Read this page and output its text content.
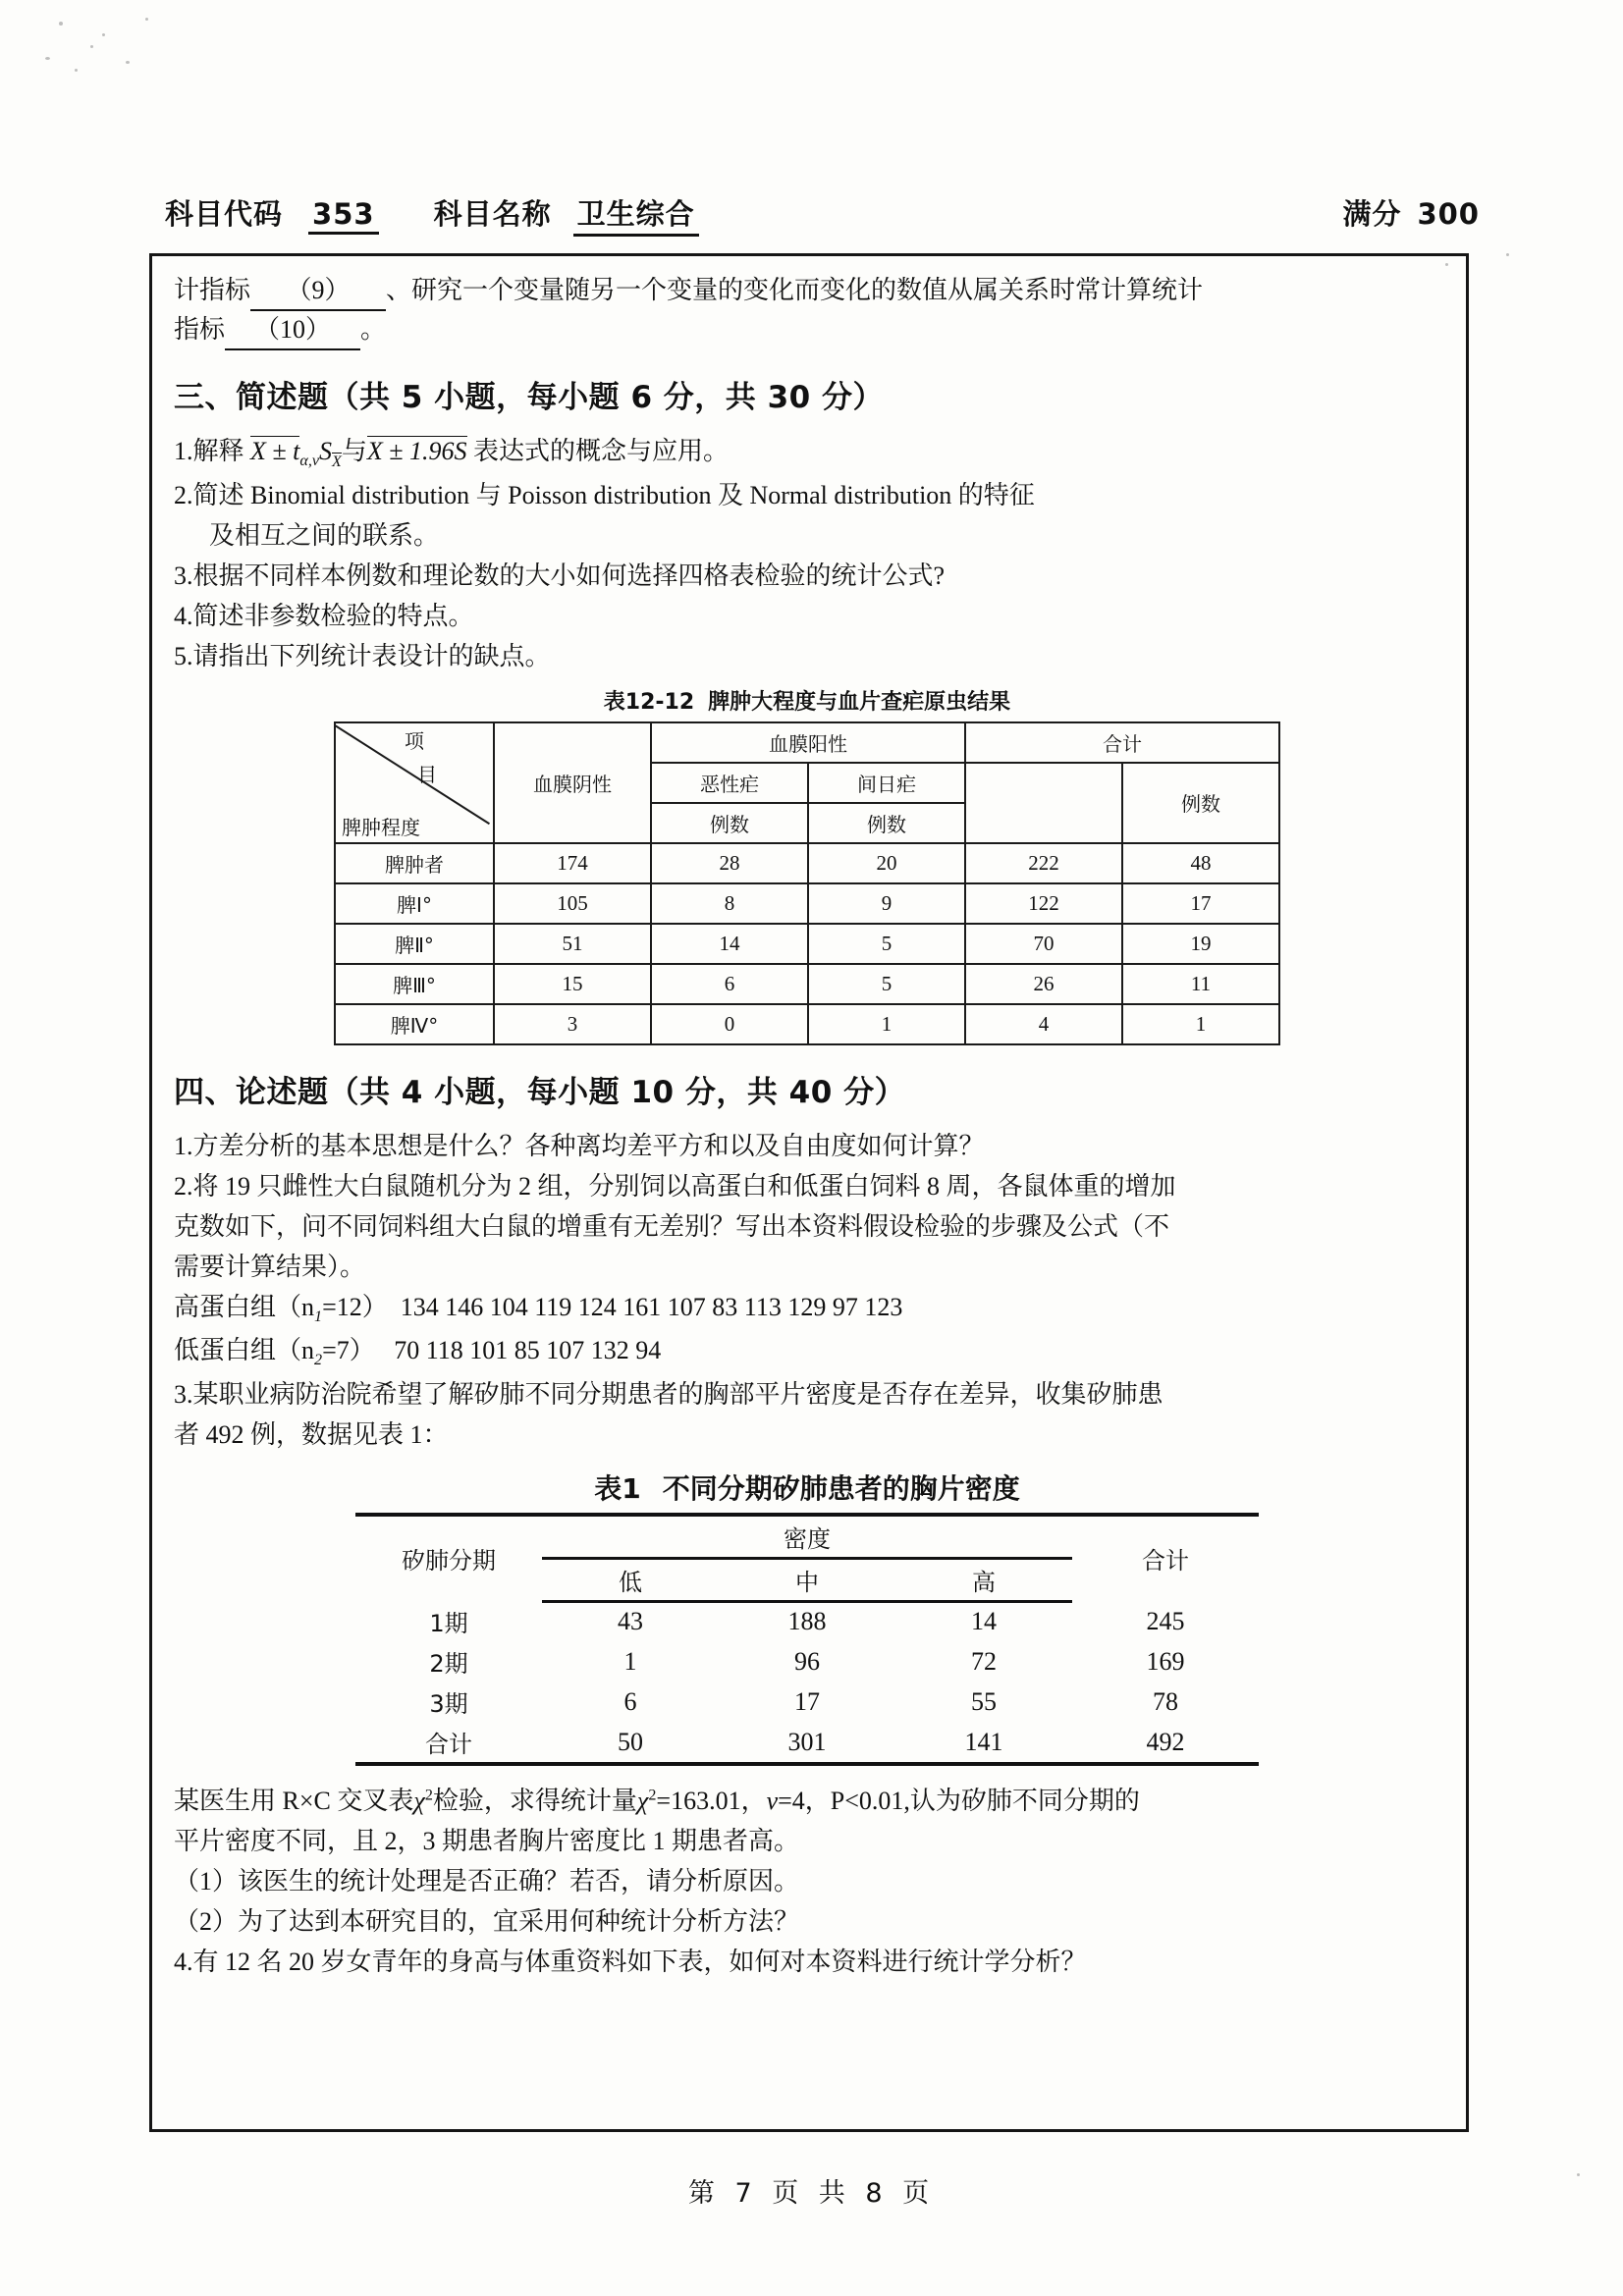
科目代码 353 科目名称 卫生综合	满分 300
计指标 （9） 、研究一个变量随另一个变量的变化而变化的数值从属关系时常计算统计
指标 （10） 。
三、简述题（共 5 小题，每小题 6 分，共 30 分）
1.解释 $X \pm t_{\alpha,\nu}S_X$与X ± 1.96S 表达式的概念与应用。
2.简述 Binomial distribution 与 Poisson distribution 及 Normal distribution 的特征
及相互之间的联系。
3.根据不同样本例数和理论数的大小如何选择四格表检验的统计公式?
4.简述非参数检验的特点。
5.请指出下列统计表设计的缺点。
表12-12 脾肿大程度与血片查疟原虫结果
项
目
脾肿程度	血膜阴性	血膜阳性		合计	
		恶性疟	间日疟		例数
		例数	例数		
脾肿者	174	28	20	222	48
脾Ⅰ°	105	8	9	122	17
脾Ⅱ°	51	14	5	70	19
脾Ⅲ°	15	6	5	26	11
脾Ⅳ°	3	0	1	4	1
四、论述题（共 4 小题，每小题 10 分，共 40 分）
1.方差分析的基本思想是什么？各种离均差平方和以及自由度如何计算？
2.将 19 只雌性大白鼠随机分为 2 组，分别饲以高蛋白和低蛋白饲料 8 周，各鼠体重的增加
克数如下，问不同饲料组大白鼠的增重有无差别？写出本资料假设检验的步骤及公式（不
需要计算结果）。
高蛋白组$(n_1=12)$ 134 146 104 119 124 161 107 83 113 129 97 123
低蛋白组$(n_2=7)$ 70 118 101 85 107 132 94
3.某职业病防治院希望了解矽肺不同分期患者的胸部平片密度是否存在差异，收集矽肺患
者 492 例，数据见表 1：
表1 不同分期矽肺患者的胸片密度
矽肺分期	密度			合计
	低	中	高	
1期	43	188	14	245
2期	1	96	72	169
3期	6	17	55	78
合计	50	301	141	492
某医生用 R×C 交叉表$\chi^2$检验，求得统计量$\chi^2=163.01$，ν=4，P<0.01,认为矽肺不同分期的
平片密度不同，且 2，3 期患者胸片密度比 1 期患者高。
（1）该医生的统计处理是否正确？若否，请分析原因。
（2）为了达到本研究目的，宜采用何种统计分析方法？
4.有 12 名 20 岁女青年的身高与体重资料如下表，如何对本资料进行统计学分析？
第 7 页 共 8 页
